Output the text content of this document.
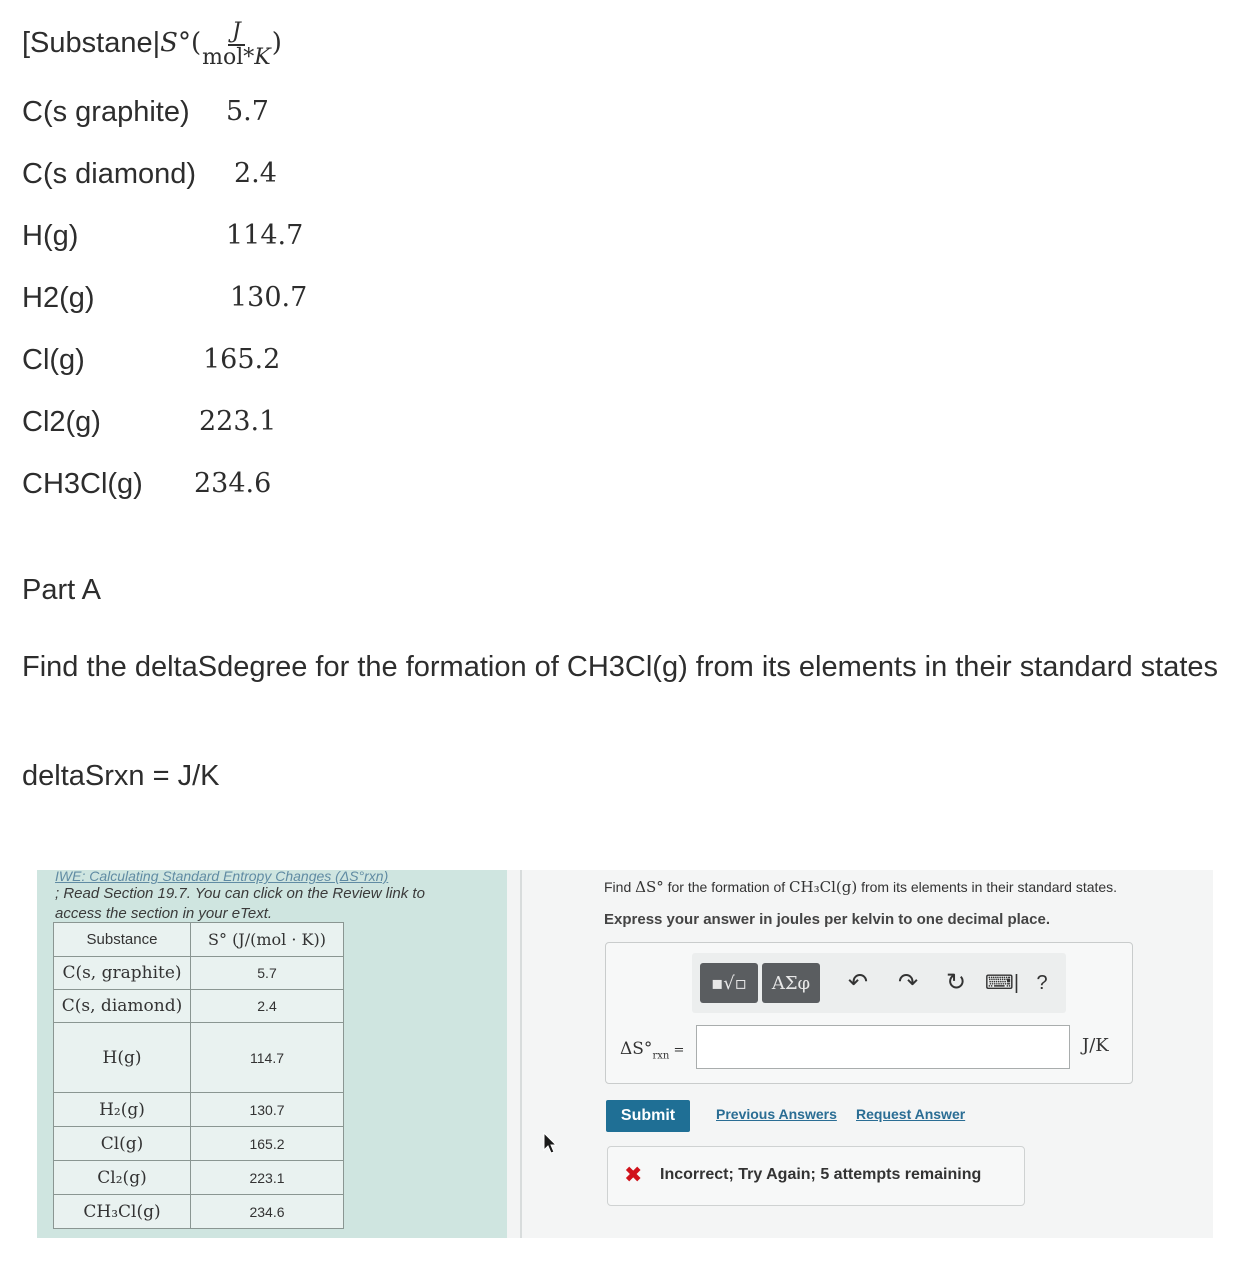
[Substane| S° ( $\frac{J}{\text{mol*K}}$ )
C(s graphite) 5.7
C(s diamond) 2.4
H(g)	114.7
H2(g)	130.7
Cl(g)	165.2
Cl2(g)	223.1
CH3Cl(g) 234.6
Part A
Find the deltaSdegree for the formation of CH3Cl(g) from its elements in their standard states
deltaSrxn = J/K
IWE: Calculating Standard Entropy Changes (ΔS°rxn)
; Read Section 19.7. You can click on the Review link to
access the section in your eText.
Substance	S° (J/(mol · K))
C(s, graphite)	5.7
C(s, diamond)	2.4
H(g)	114.7
H₂(g)	130.7
Cl(g)	165.2
Cl₂(g)	223.1
CH₃Cl(g)	234.6
Find ΔS° for the formation of CH₃Cl(g) from its elements in their standard states.
Express your answer in joules per kelvin to one decimal place.
▪√▫	ΑΣφ	↶ ↷ ↻ ⌨| ?
$\Delta S^\circ_{rxn}$ =	J/K
Submit	Previous Answers Request Answer
✖ Incorrect; Try Again; 5 attempts remaining
